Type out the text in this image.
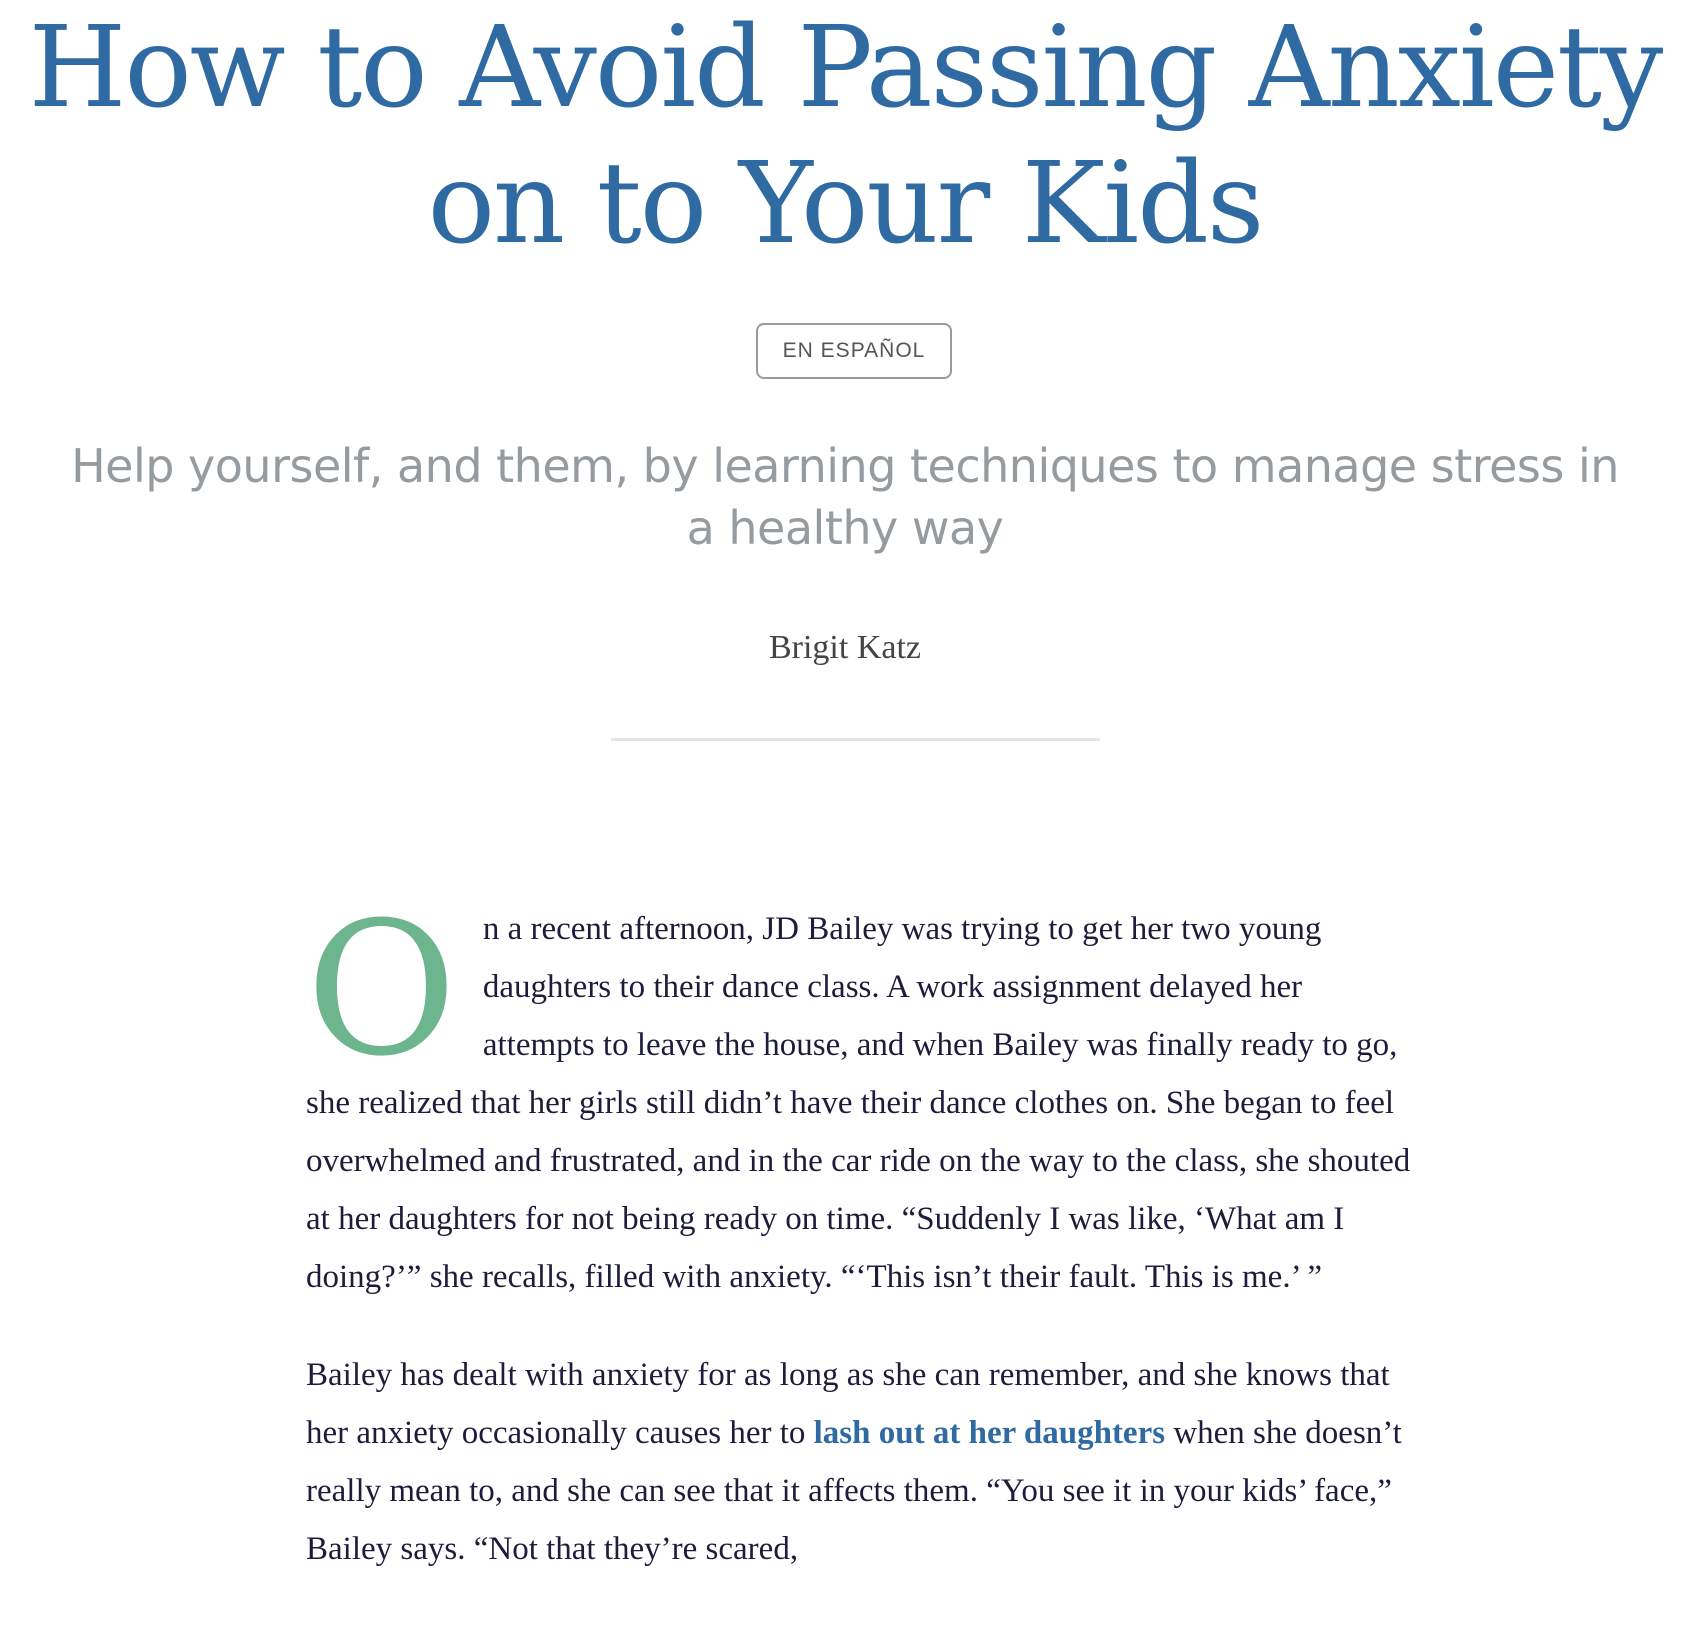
How to Avoid Passing Anxiety on to Your Kids
EN ESPAÑOL
Help yourself, and them, by learning techniques to manage stress in a healthy way
Brigit Katz

On a recent afternoon, JD Bailey was trying to get her two young daughters to their dance class. A work assignment delayed her attempts to leave the house, and when Bailey was finally ready to go, she realized that her girls still didn’t have their dance clothes on. She began to feel overwhelmed and frustrated, and in the car ride on the way to the class, she shouted at her daughters for not being ready on time. “Suddenly I was like, ‘What am I doing?’” she recalls, filled with anxiety. “‘This isn’t their fault. This is me.’ ”

Bailey has dealt with anxiety for as long as she can remember, and she knows that her anxiety occasionally causes her to lash out at her daughters when she doesn’t really mean to, and she can see that it affects them. “You see it in your kids’ face,” Bailey says. “Not that they’re scared,
